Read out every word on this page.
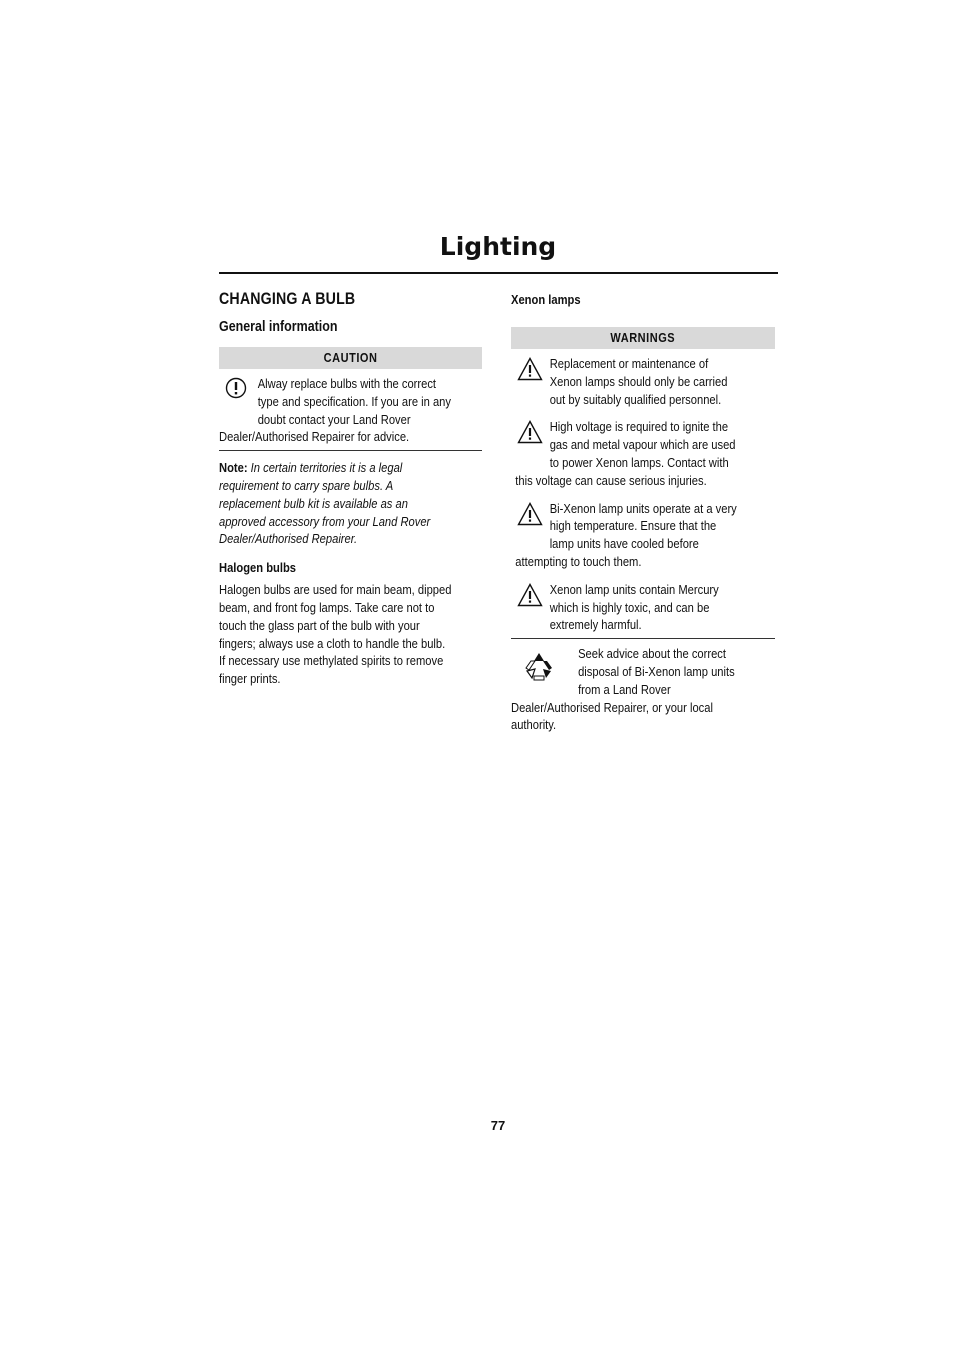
Lighting
CHANGING A BULB
General information
CAUTION
Alway replace bulbs with the correct
type and specification. If you are in any
doubt contact your Land Rover
Dealer/Authorised Repairer for advice.

Note: In certain territories it is a legal
requirement to carry spare bulbs. A
replacement bulb kit is available as an
approved accessory from your Land Rover
Dealer/Authorised Repairer.

Halogen bulbs

Halogen bulbs are used for main beam, dipped
beam, and front fog lamps. Take care not to
touch the glass part of the bulb with your
fingers; always use a cloth to handle the bulb.
If necessary use methylated spirits to remove
finger prints.

Xenon lamps
WARNINGS
Replacement or maintenance of
Xenon lamps should only be carried
out by suitably qualified personnel.
High voltage is required to ignite the
gas and metal vapour which are used
to power Xenon lamps. Contact with
this voltage can cause serious injuries.
Bi-Xenon lamp units operate at a very
high temperature. Ensure that the
lamp units have cooled before
attempting to touch them.
Xenon lamp units contain Mercury
which is highly toxic, and can be
extremely harmful.
Seek advice about the correct
disposal of Bi-Xenon lamp units
from a Land Rover
Dealer/Authorised Repairer, or your local
authority.
77
